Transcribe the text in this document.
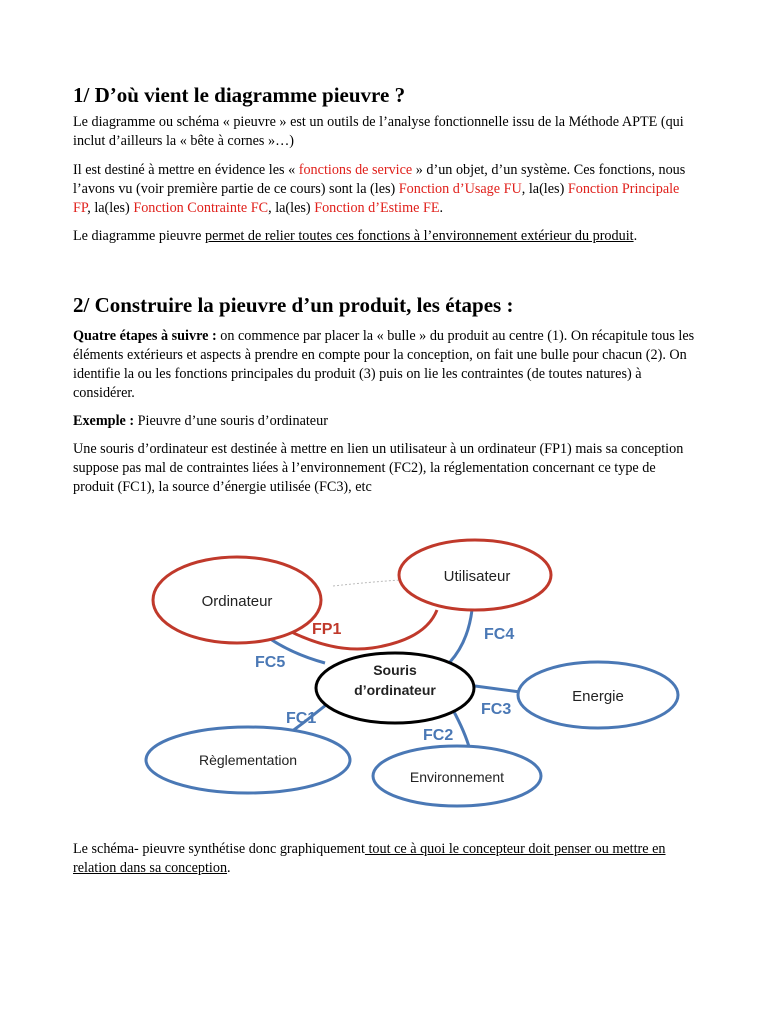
1/ D’où vient le diagramme pieuvre ?

Le diagramme ou schéma « pieuvre » est un outils de l’analyse fonctionnelle issu de la Méthode APTE (qui inclut d’ailleurs la « bête à cornes »…)

Il est destiné à mettre en évidence les « fonctions de service » d’un objet, d’un système. Ces fonctions, nous l’avons vu (voir première partie de ce cours) sont la (les) Fonction d’Usage FU, la(les) Fonction Principale FP, la(les) Fonction Contrainte FC, la(les) Fonction d’Estime FE.

Le diagramme pieuvre permet de relier toutes ces fonctions à l’environnement extérieur du produit.

2/ Construire la pieuvre d’un produit, les étapes :

Quatre étapes à suivre : on commence par placer la « bulle » du produit au centre (1). On récapitule tous les éléments extérieurs et aspects à prendre en compte pour la conception, on fait une bulle pour chacun (2). On identifie la ou les fonctions principales du produit (3) puis on lie les contraintes (de toutes natures) à considérer.

Exemple : Pieuvre d’une souris d’ordinateur

Une souris d’ordinateur est destinée à mettre en lien un utilisateur à un ordinateur (FP1) mais sa conception suppose pas mal de contraintes liées à l’environnement (FC2), la réglementation concernant ce type de produit (FC1), la source d’énergie utilisée (FC3), etc

Ordinateur
Utilisateur
Souris
d’ordinateur	Energie
Environnement
Règlementation
FP1	FC4
FC5
FC1
FC3
FC2

Le schéma- pieuvre synthétise donc graphiquement tout ce à quoi le concepteur doit penser ou mettre en relation dans sa conception.
